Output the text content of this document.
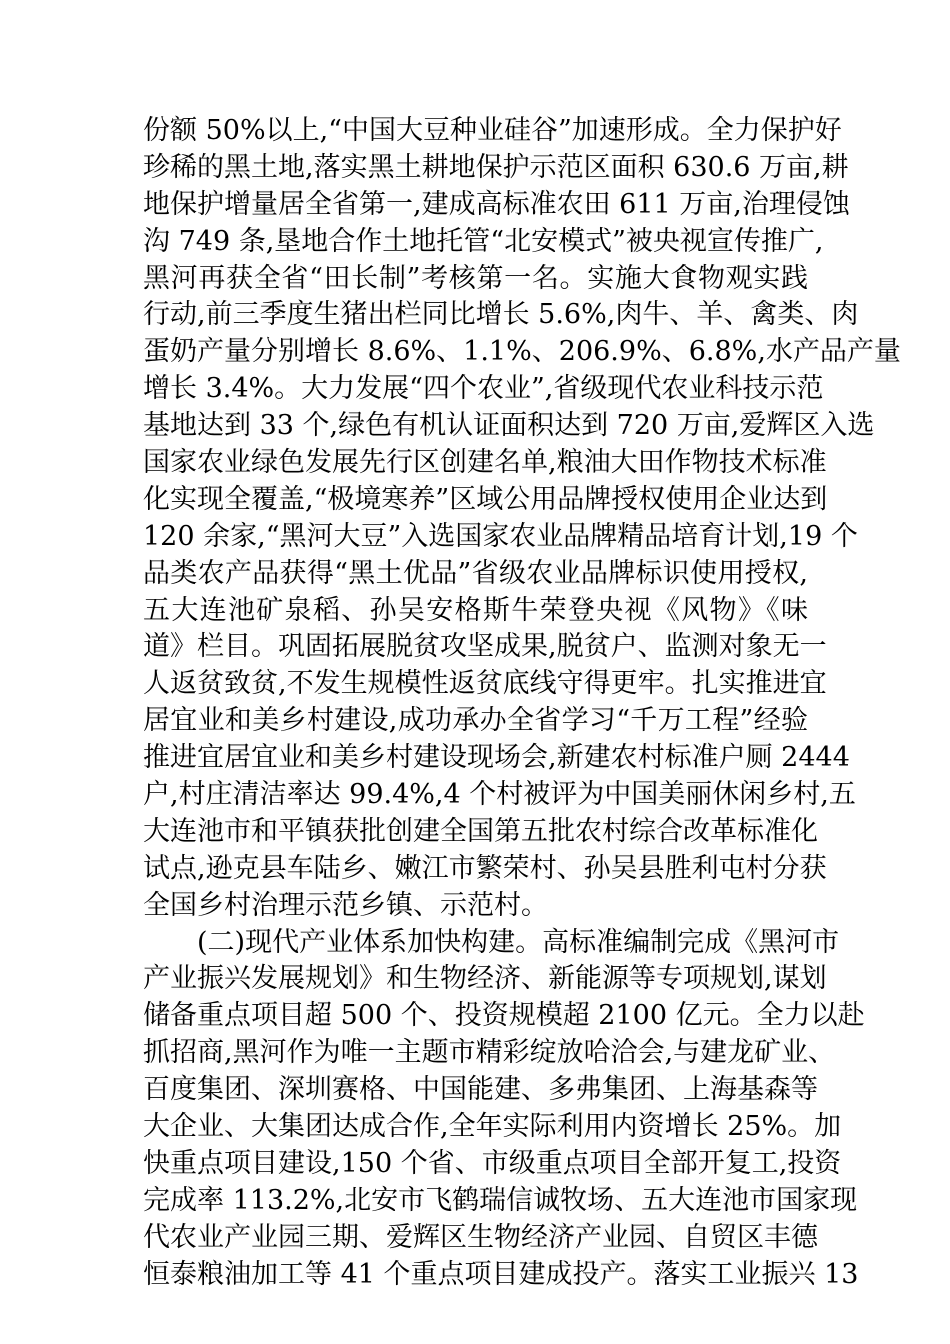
份额 50%以上,“中国大豆种业硅谷”加速形成。全力保护好
珍稀的黑土地,落实黑土耕地保护示范区面积 630.6 万亩,耕
地保护增量居全省第一,建成高标准农田 611 万亩,治理侵蚀
沟 749 条,垦地合作土地托管“北安模式”被央视宣传推广,
黑河再获全省“田长制”考核第一名。实施大食物观实践
行动,前三季度生猪出栏同比增长 5.6%,肉牛、羊、禽类、肉
蛋奶产量分别增长 8.6%、1.1%、206.9%、6.8%,水产品产量
增长 3.4%。大力发展“四个农业”,省级现代农业科技示范
基地达到 33 个,绿色有机认证面积达到 720 万亩,爱辉区入选
国家农业绿色发展先行区创建名单,粮油大田作物技术标准
化实现全覆盖,“极境寒养”区域公用品牌授权使用企业达到
120 余家,“黑河大豆”入选国家农业品牌精品培育计划,19 个
品类农产品获得“黑土优品”省级农业品牌标识使用授权,
五大连池矿泉稻、孙吴安格斯牛荣登央视《风物》《味
道》栏目。巩固拓展脱贫攻坚成果,脱贫户、监测对象无一
人返贫致贫,不发生规模性返贫底线守得更牢。扎实推进宜
居宜业和美乡村建设,成功承办全省学习“千万工程”经验
推进宜居宜业和美乡村建设现场会,新建农村标准户厕 2444
户,村庄清洁率达 99.4%,4 个村被评为中国美丽休闲乡村,五
大连池市和平镇获批创建全国第五批农村综合改革标准化
试点,逊克县车陆乡、嫩江市繁荣村、孙吴县胜利屯村分获
全国乡村治理示范乡镇、示范村。
(二)现代产业体系加快构建。高标准编制完成《黑河市
产业振兴发展规划》和生物经济、新能源等专项规划,谋划
储备重点项目超 500 个、投资规模超 2100 亿元。全力以赴
抓招商,黑河作为唯一主题市精彩绽放哈洽会,与建龙矿业、
百度集团、深圳赛格、中国能建、多弗集团、上海基森等
大企业、大集团达成合作,全年实际利用内资增长 25%。加
快重点项目建设,150 个省、市级重点项目全部开复工,投资
完成率 113.2%,北安市飞鹤瑞信诚牧场、五大连池市国家现
代农业产业园三期、爱辉区生物经济产业园、自贸区丰德
恒泰粮油加工等 41 个重点项目建成投产。落实工业振兴 13
